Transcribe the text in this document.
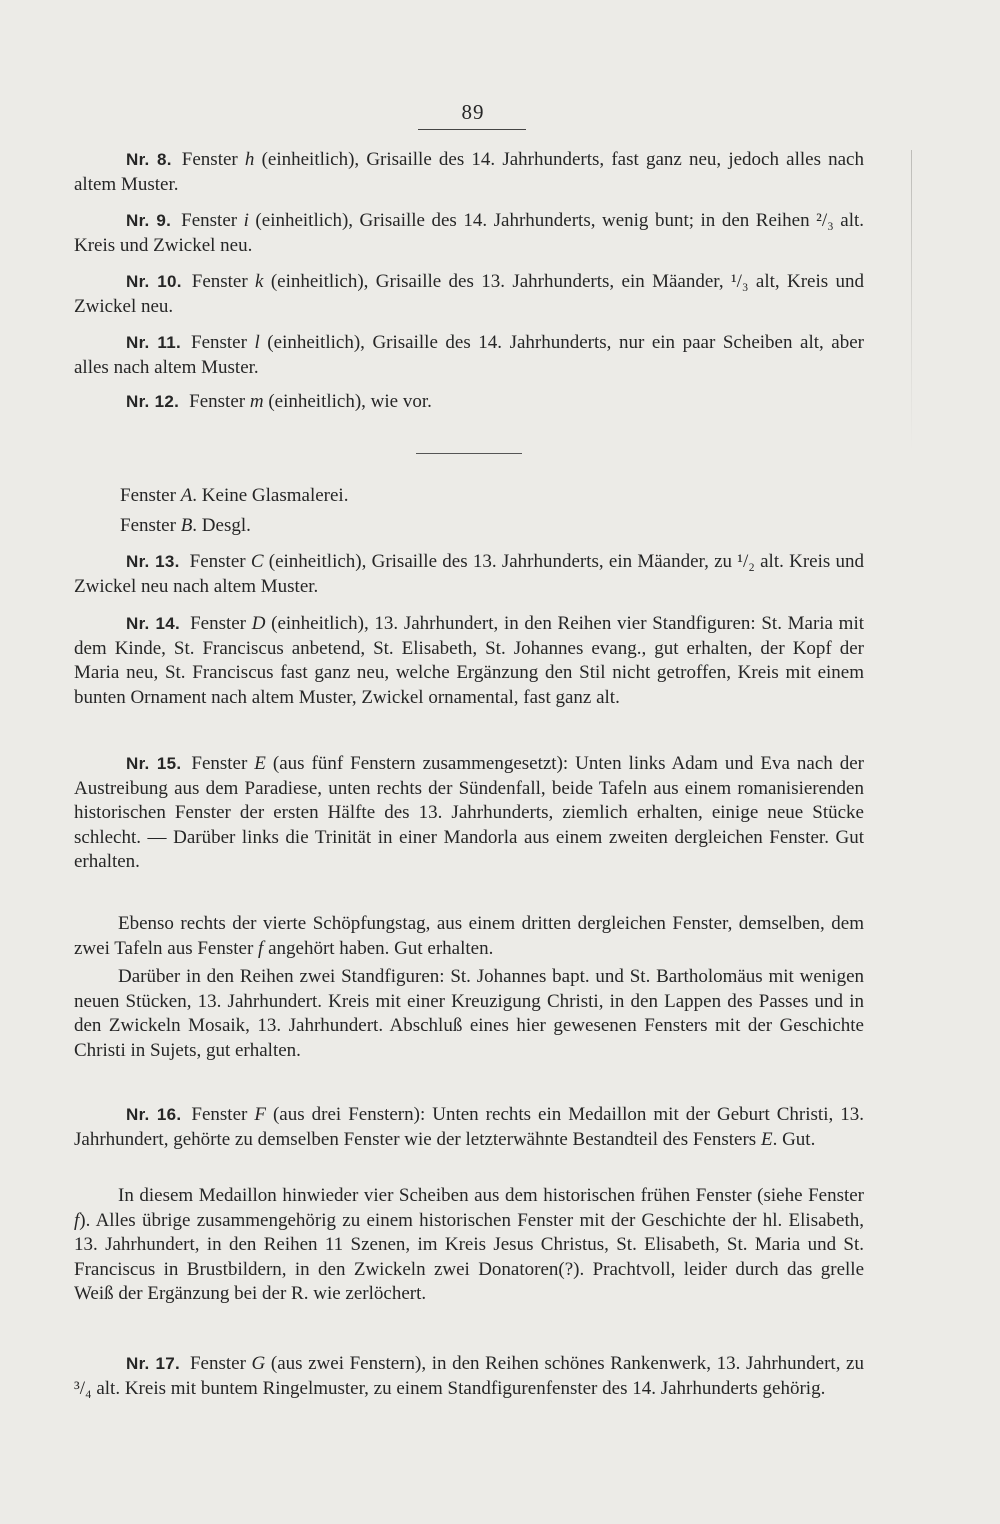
89
Nr. 8. Fenster h (einheitlich), Grisaille des 14. Jahrhunderts, fast ganz neu, jedoch alles nach altem Muster.
Nr. 9. Fenster i (einheitlich), Grisaille des 14. Jahrhunderts, wenig bunt; in den Reihen ²/₃ alt. Kreis und Zwickel neu.
Nr. 10. Fenster k (einheitlich), Grisaille des 13. Jahrhunderts, ein Mäander, ¹/₃ alt, Kreis und Zwickel neu.
Nr. 11. Fenster l (einheitlich), Grisaille des 14. Jahrhunderts, nur ein paar Scheiben alt, aber alles nach altem Muster.
Nr. 12. Fenster m (einheitlich), wie vor.
Fenster A. Keine Glasmalerei.
Fenster B. Desgl.
Nr. 13. Fenster C (einheitlich), Grisaille des 13. Jahrhunderts, ein Mäander, zu ¹/₂ alt. Kreis und Zwickel neu nach altem Muster.
Nr. 14. Fenster D (einheitlich), 13. Jahrhundert, in den Reihen vier Standfiguren: St. Maria mit dem Kinde, St. Franciscus anbetend, St. Elisabeth, St. Johannes evang., gut erhalten, der Kopf der Maria neu, St. Franciscus fast ganz neu, welche Ergänzung den Stil nicht getroffen, Kreis mit einem bunten Ornament nach altem Muster, Zwickel ornamental, fast ganz alt.
Nr. 15. Fenster E (aus fünf Fenstern zusammengesetzt): Unten links Adam und Eva nach der Austreibung aus dem Paradiese, unten rechts der Sündenfall, beide Tafeln aus einem romanisierenden historischen Fenster der ersten Hälfte des 13. Jahrhunderts, ziemlich erhalten, einige neue Stücke schlecht. — Darüber links die Trinität in einer Mandorla aus einem zweiten dergleichen Fenster. Gut erhalten.
Ebenso rechts der vierte Schöpfungstag, aus einem dritten dergleichen Fenster, demselben, dem zwei Tafeln aus Fenster f angehört haben. Gut erhalten.
Darüber in den Reihen zwei Standfiguren: St. Johannes bapt. und St. Bartholomäus mit wenigen neuen Stücken, 13. Jahrhundert. Kreis mit einer Kreuzigung Christi, in den Lappen des Passes und in den Zwickeln Mosaik, 13. Jahrhundert. Abschluß eines hier gewesenen Fensters mit der Geschichte Christi in Sujets, gut erhalten.
Nr. 16. Fenster F (aus drei Fenstern): Unten rechts ein Medaillon mit der Geburt Christi, 13. Jahrhundert, gehörte zu demselben Fenster wie der letzterwähnte Bestandteil des Fensters E. Gut.
In diesem Medaillon hinwieder vier Scheiben aus dem historischen frühen Fenster (siehe Fenster f). Alles übrige zusammengehörig zu einem historischen Fenster mit der Geschichte der hl. Elisabeth, 13. Jahrhundert, in den Reihen 11 Szenen, im Kreis Jesus Christus, St. Elisabeth, St. Maria und St. Franciscus in Brustbildern, in den Zwickeln zwei Donatoren(?). Prachtvoll, leider durch das grelle Weiß der Ergänzung bei der R. wie zerlöchert.
Nr. 17. Fenster G (aus zwei Fenstern), in den Reihen schönes Rankenwerk, 13. Jahrhundert, zu ³/₄ alt. Kreis mit buntem Ringelmuster, zu einem Standfigurenfenster des 14. Jahrhunderts gehörig.
